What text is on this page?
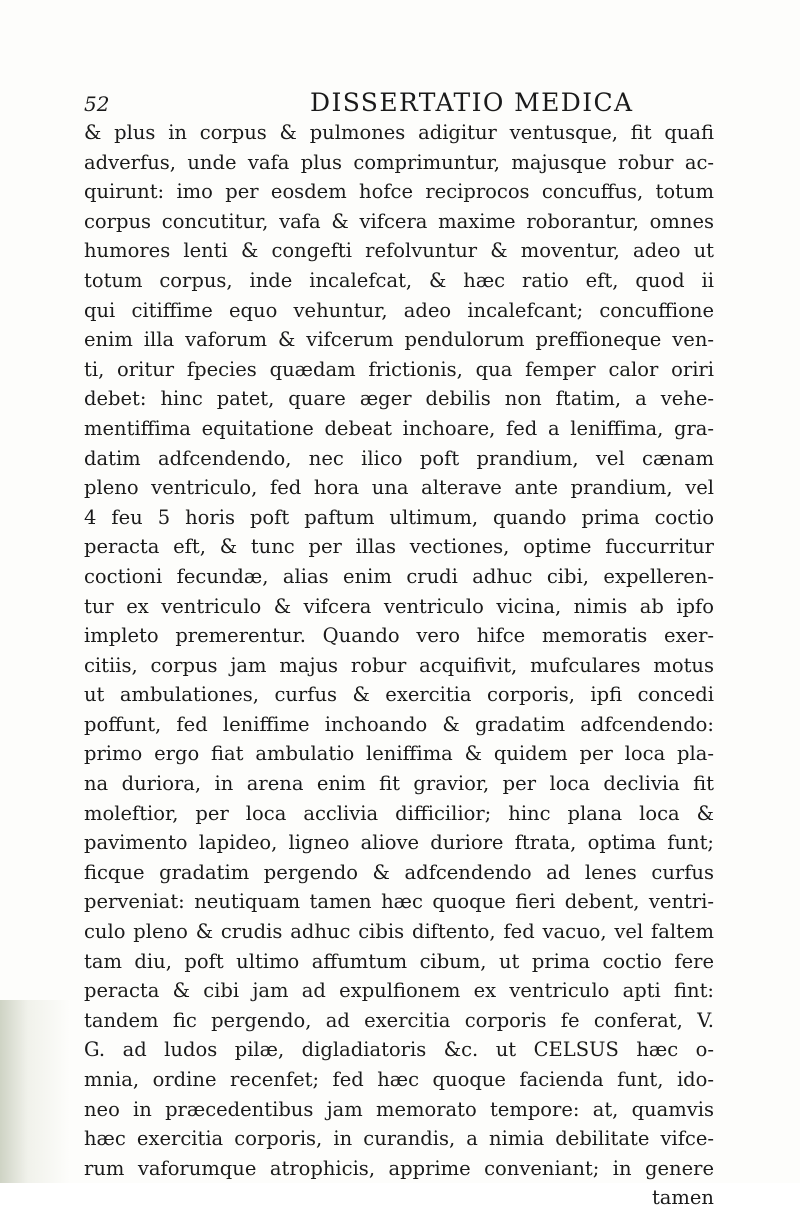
52	DISSERTATIO MEDICA
& plus in corpus & pulmones adigitur ventusque, fit quafi
adverfus, unde vafa plus comprimuntur, majusque robur ac-
quirunt: imo per eosdem hofce reciprocos concuffus, totum
corpus concutitur, vafa & vifcera maxime roborantur, omnes
humores lenti & congefti refolvuntur & moventur, adeo ut
totum corpus, inde incalefcat, & hæc ratio eft, quod ii
qui citiffime equo vehuntur, adeo incalefcant; concuffione
enim illa vaforum & vifcerum pendulorum preffioneque ven-
ti, oritur fpecies quædam frictionis, qua femper calor oriri
debet: hinc patet, quare æger debilis non ftatim, a vehe-
mentiffima equitatione debeat inchoare, fed a leniffima, gra-
datim adfcendendo, nec ilico poft prandium, vel cænam
pleno ventriculo, fed hora una alterave ante prandium, vel
4 feu 5 horis poft paftum ultimum, quando prima coctio
peracta eft, & tunc per illas vectiones, optime fuccurritur
coctioni fecundæ, alias enim crudi adhuc cibi, expelleren-
tur ex ventriculo & vifcera ventriculo vicina, nimis ab ipfo
impleto premerentur. Quando vero hifce memoratis exer-
citiis, corpus jam majus robur acquifivit, mufculares motus
ut ambulationes, curfus & exercitia corporis, ipfi concedi
poffunt, fed leniffime inchoando & gradatim adfcendendo:
primo ergo fiat ambulatio leniffima & quidem per loca pla-
na duriora, in arena enim fit gravior, per loca declivia fit
moleftior, per loca acclivia difficilior; hinc plana loca &
pavimento lapideo, ligneo aliove duriore ftrata, optima funt;
ficque gradatim pergendo & adfcendendo ad lenes curfus
perveniat: neutiquam tamen hæc quoque fieri debent, ventri-
culo pleno & crudis adhuc cibis diftento, fed vacuo, vel faltem
tam diu, poft ultimo affumtum cibum, ut prima coctio fere
peracta & cibi jam ad expulfionem ex ventriculo apti fint:
tandem fic pergendo, ad exercitia corporis fe conferat, V.
G. ad ludos pilæ, digladiatoris &c. ut CELSUS hæc o-
mnia, ordine recenfet; fed hæc quoque facienda funt, ido-
neo in præcedentibus jam memorato tempore: at, quamvis
hæc exercitia corporis, in curandis, a nimia debilitate vifce-
rum vaforumque atrophicis, apprime conveniant; in genere
tamen
